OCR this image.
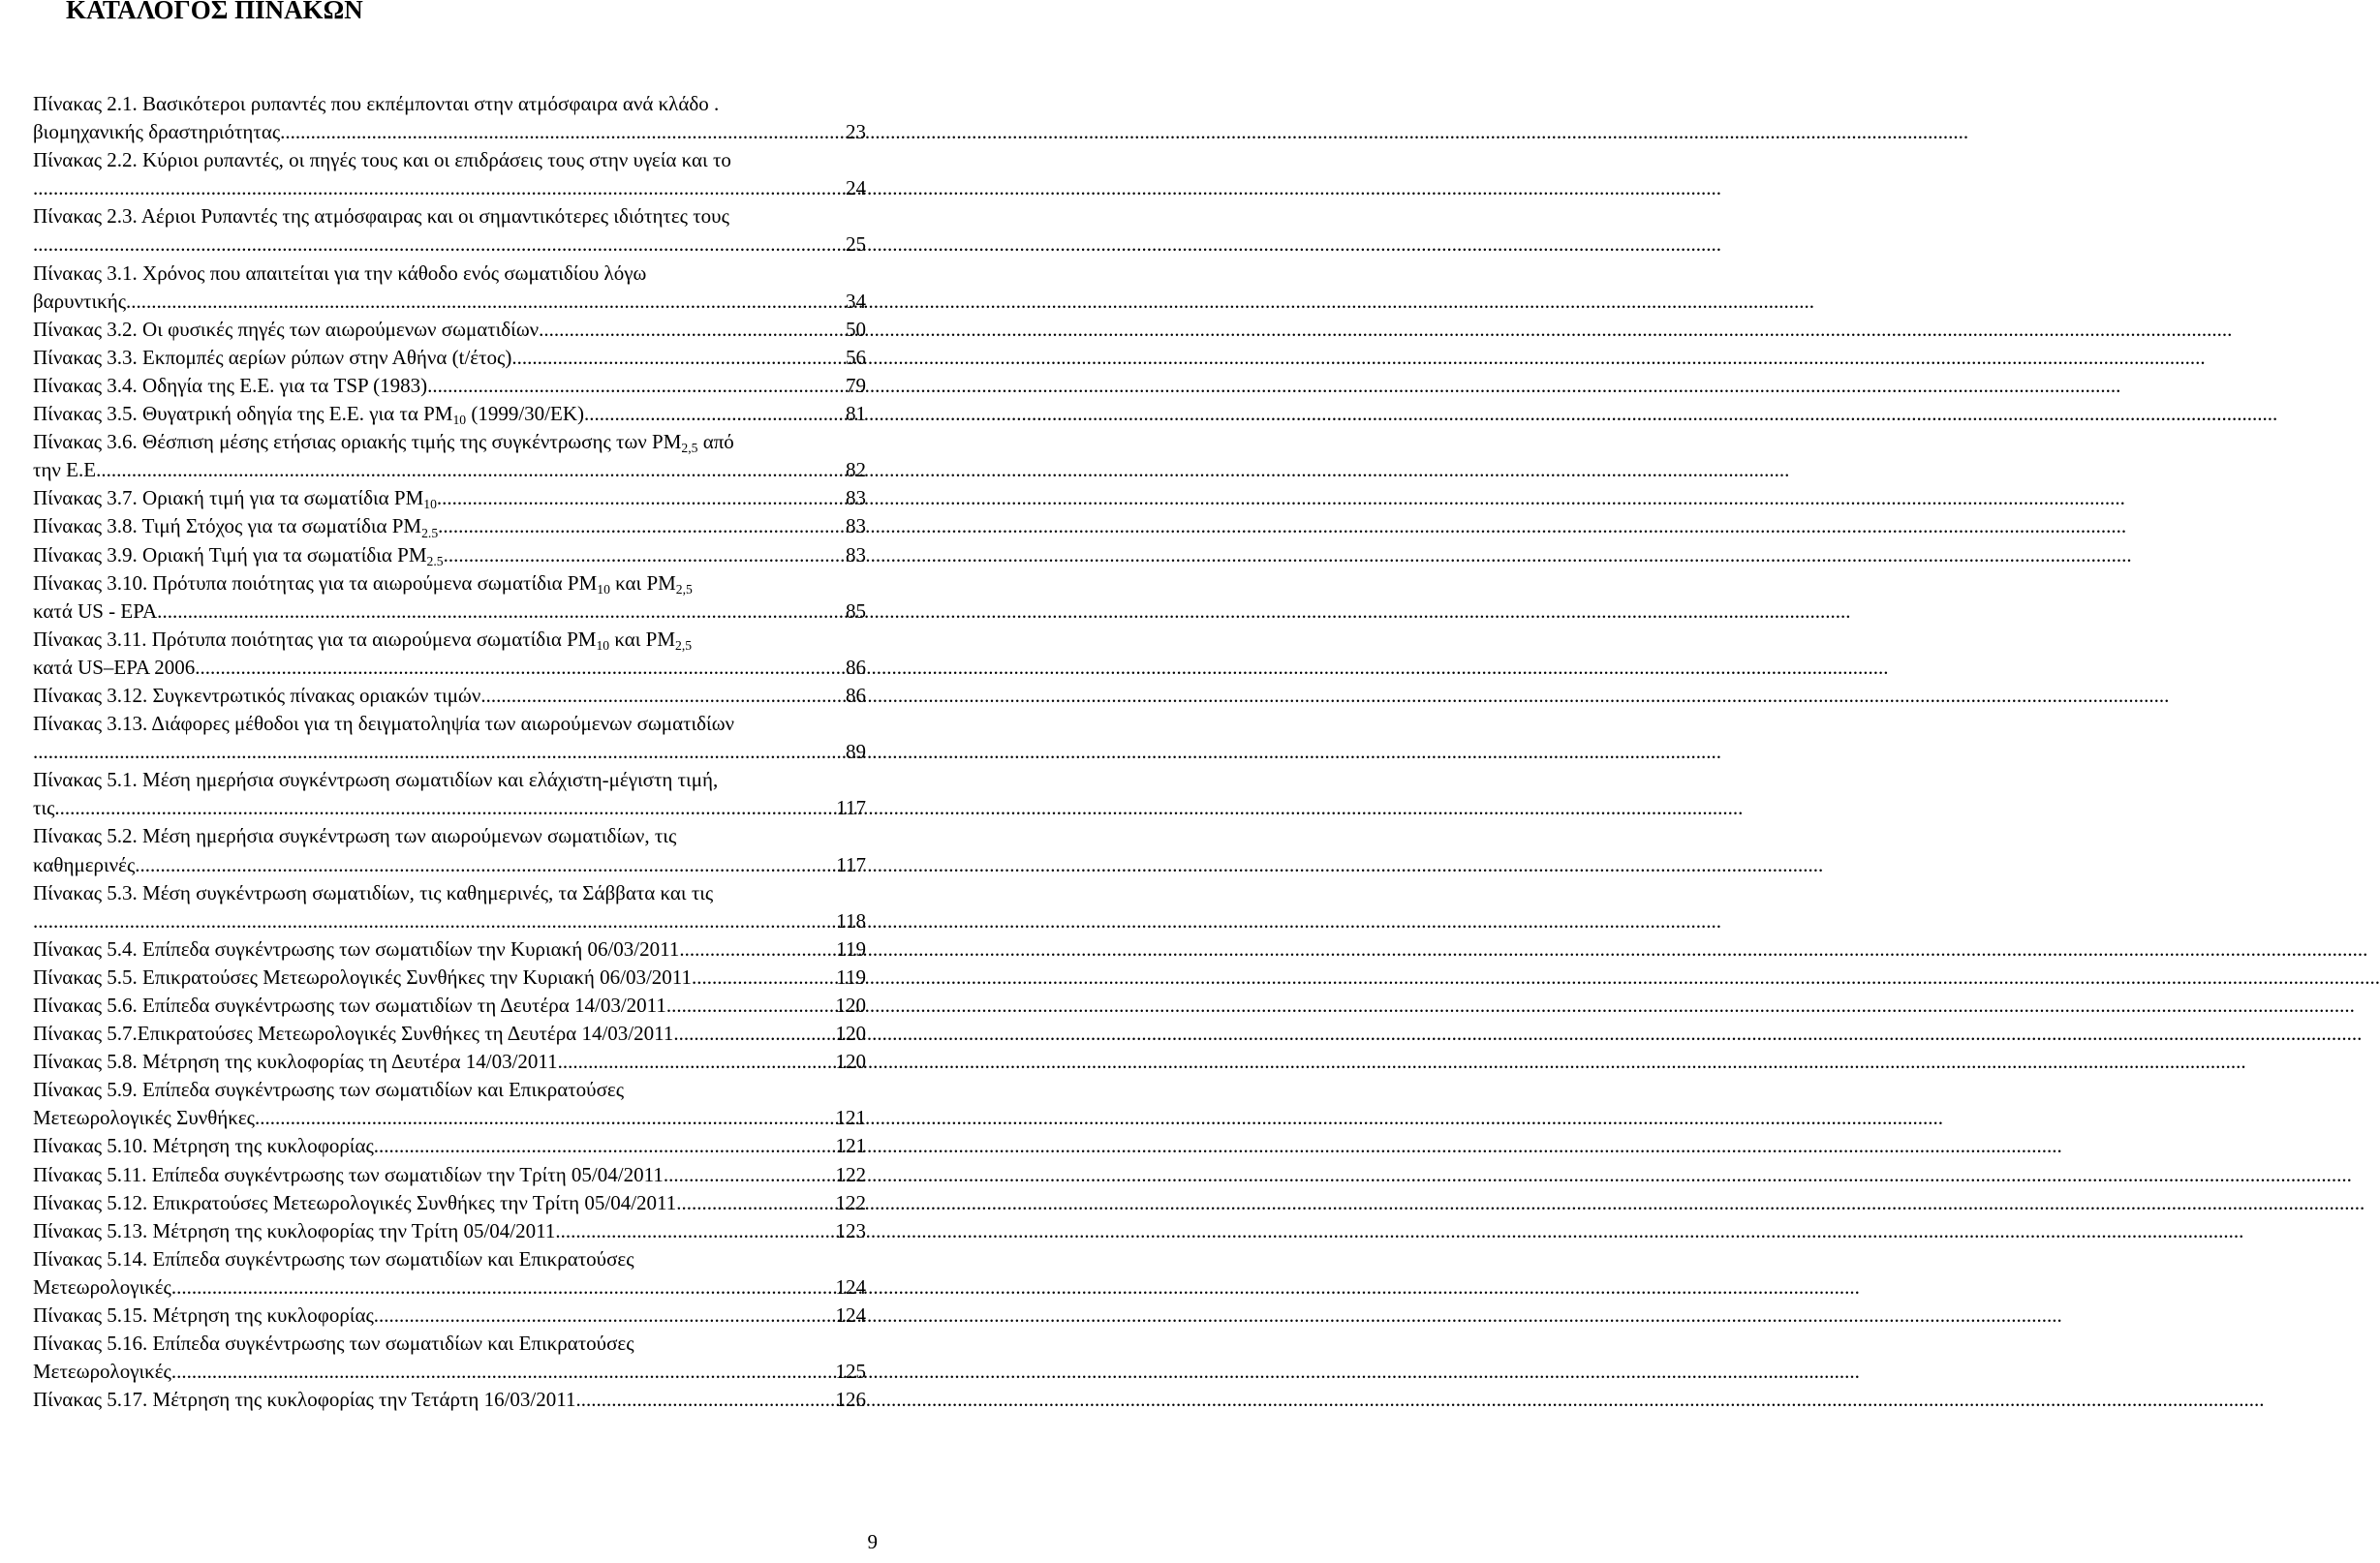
ΚΑΤΑΛΟΓΟΣ ΠΙΝΑΚΩΝ
Πίνακας 2.1. Βασικότεροι ρυπαντές που εκπέμπονται στην ατμόσφαιρα ανά κλάδο .
βιομηχανικής δραστηριότητας .....	23
Πίνακας 2.2. Κύριοι ρυπαντές, οι πηγές τους και οι επιδράσεις τους στην υγεία και το
.....
24
Πίνακας 2.3. Αέριοι Ρυπαντές της ατμόσφαιρας και οι σημαντικότερες ιδιότητες τους
.....
25
Πίνακας 3.1. Χρόνος που απαιτείται για την κάθοδο ενός σωματιδίου λόγω
βαρυντικής .....	34
Πίνακας 3.2. Οι φυσικές πηγές των αιωρούμενων σωματιδίων. .....	50
Πίνακας 3.3. Εκπομπές αερίων ρύπων στην Αθήνα (t/έτος). .....	56
Πίνακας 3.4. Οδηγία της Ε.Ε. για τα TSP (1983). .....	79
Πίνακας 3.5. Θυγατρική οδηγία της Ε.Ε. για τα $PM_{10}$ (1999/30/ΕΚ). .....	81
Πίνακας 3.6. Θέσπιση μέσης ετήσιας οριακής τιμής της συγκέντρωσης των $PM_{2,5}$ από
την Ε.Ε. .....	82
Πίνακας 3.7. Οριακή τιμή για τα σωματίδια $PM_{10}$ .....	83
Πίνακας 3.8. Τιμή Στόχος για τα σωματίδια $PM_{2.5}$ .....	83
Πίνακας 3.9. Οριακή Τιμή για τα σωματίδια $PM_{2.5}$ .....	83
Πίνακας 3.10. Πρότυπα ποιότητας για τα αιωρούμενα σωματίδια $PM_{10}$ και $PM_{2,5}$
κατά US - EPA. .....	85
Πίνακας 3.11. Πρότυπα ποιότητας για τα αιωρούμενα σωματίδια $PM_{10}$ και $PM_{2,5}$
κατά US–EPA 2006. .....	86
Πίνακας 3.12. Συγκεντρωτικός πίνακας οριακών τιμών .....	86
Πίνακας 3.13. Διάφορες μέθοδοι για τη δειγματοληψία των αιωρούμενων σωματιδίων
.....
89
Πίνακας 5.1. Μέση ημερήσια συγκέντρωση σωματιδίων και ελάχιστη-μέγιστη τιμή,
τις .....	117
Πίνακας 5.2. Μέση ημερήσια συγκέντρωση των αιωρούμενων σωματιδίων, τις
καθημερινές .....	117
Πίνακας 5.3. Μέση συγκέντρωση σωματιδίων, τις καθημερινές, τα Σάββατα και τις
.....
118
Πίνακας 5.4. Επίπεδα συγκέντρωσης των σωματιδίων την Κυριακή 06/03/2011 .....	119
Πίνακας 5.5. Επικρατούσες Μετεωρολογικές Συνθήκες την Κυριακή 06/03/2011 .....	119
Πίνακας 5.6. Επίπεδα συγκέντρωσης των σωματιδίων τη Δευτέρα 14/03/2011 .....	120
Πίνακας 5.7.Επικρατούσες Μετεωρολογικές Συνθήκες τη Δευτέρα 14/03/2011 .....	120
Πίνακας 5.8. Μέτρηση της κυκλοφορίας τη Δευτέρα 14/03/2011 .....	120
Πίνακας 5.9. Επίπεδα συγκέντρωσης των σωματιδίων και Επικρατούσες
Μετεωρολογικές Συνθήκες .....	121
Πίνακας 5.10. Μέτρηση της κυκλοφορίας .....	121
Πίνακας 5.11. Επίπεδα συγκέντρωσης των σωματιδίων την Τρίτη 05/04/2011 .....	122
Πίνακας 5.12. Επικρατούσες Μετεωρολογικές Συνθήκες την Τρίτη 05/04/2011 .....	122
Πίνακας 5.13. Μέτρηση της κυκλοφορίας την Τρίτη 05/04/2011 .....	123
Πίνακας 5.14. Επίπεδα συγκέντρωσης των σωματιδίων και Επικρατούσες
Μετεωρολογικές .....	124
Πίνακας 5.15. Μέτρηση της κυκλοφορίας .....	124
Πίνακας 5.16. Επίπεδα συγκέντρωσης των σωματιδίων και Επικρατούσες
Μετεωρολογικές .....	125
Πίνακας 5.17. Μέτρηση της κυκλοφορίας την Τετάρτη 16/03/2011 .....	126
9
